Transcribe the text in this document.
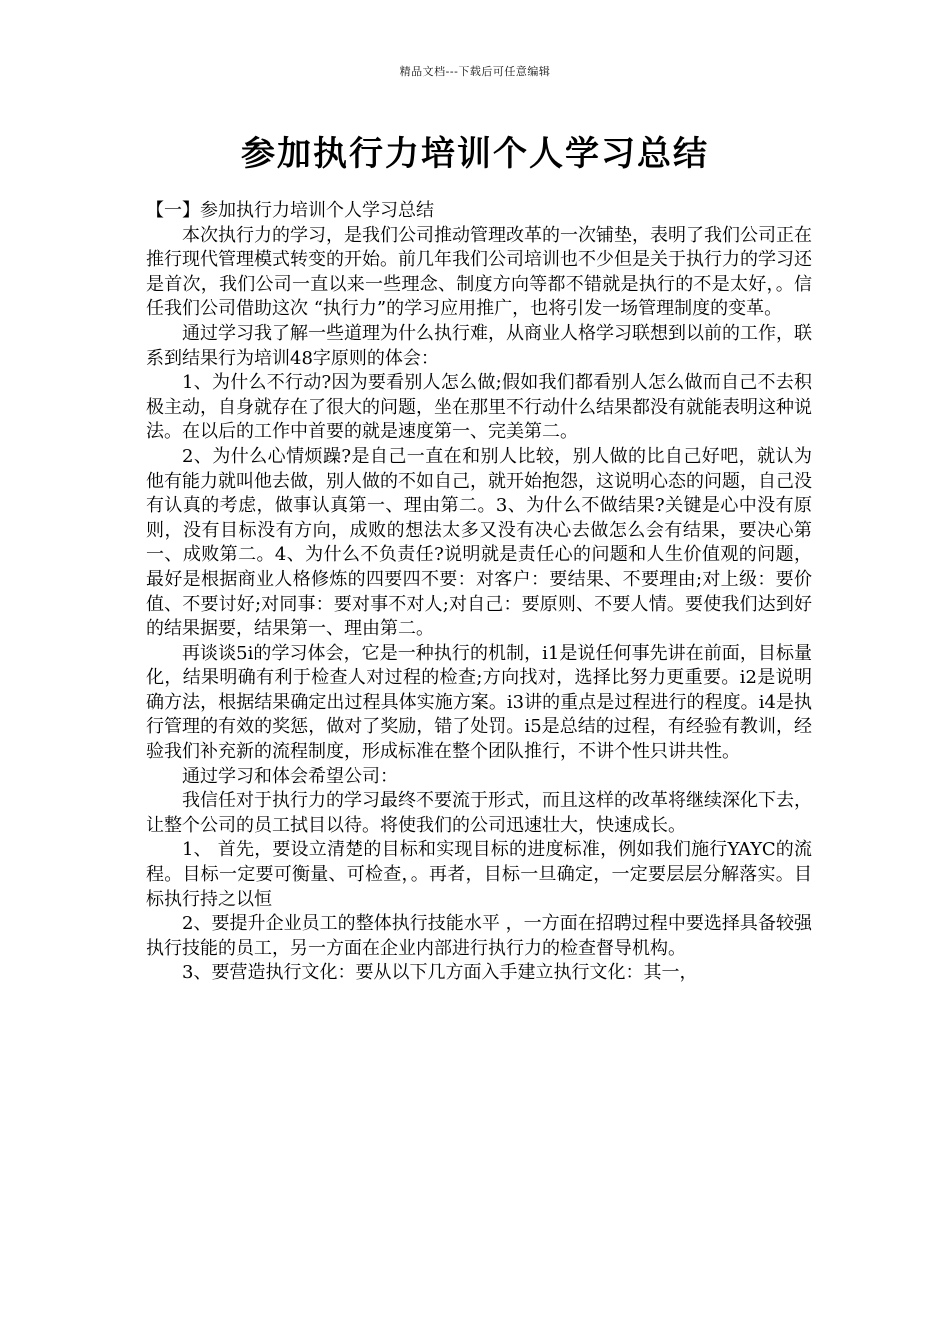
精品文档---下载后可任意编辑
参加执行力培训个人学习总结

【一】参加执行力培训个人学习总结

本次执行力的学习，是我们公司推动管理改革的一次铺垫，表明了我们公司正在推行现代管理模式转变的开始。前几年我们公司培训也不少但是关于执行力的学习还是首次，我们公司一直以来一些理念、制度方向等都不错就是执行的不是太好，。信任我们公司借助这次 “执行力”的学习应用推广，也将引发一场管理制度的变革。

通过学习我了解一些道理为什么执行难，从商业人格学习联想到以前的工作，联系到结果行为培训48字原则的体会：

1、为什么不行动?因为要看别人怎么做;假如我们都看别人怎么做而自己不去积极主动，自身就存在了很大的问题，坐在那里不行动什么结果都没有就能表明这种说法。在以后的工作中首要的就是速度第一、完美第二。

2、为什么心情烦躁?是自己一直在和别人比较，别人做的比自己好吧，就认为他有能力就叫他去做，别人做的不如自己，就开始抱怨，这说明心态的问题，自己没有认真的考虑，做事认真第一、理由第二。3、为什么不做结果?关键是心中没有原则，没有目标没有方向，成败的想法太多又没有决心去做怎么会有结果，要决心第一、成败第二。4、为什么不负责任?说明就是责任心的问题和人生价值观的问题，最好是根据商业人格修炼的四要四不要：对客户：要结果、不要理由;对上级：要价值、不要讨好;对同事：要对事不对人;对自己：要原则、不要人情。要使我们达到好的结果据要，结果第一、理由第二。

再谈谈5i的学习体会，它是一种执行的机制，i1是说任何事先讲在前面，目标量化，结果明确有利于检查人对过程的检查;方向找对，选择比努力更重要。i2是说明确方法，根据结果确定出过程具体实施方案。i3讲的重点是过程进行的程度。i4是执行管理的有效的奖惩，做对了奖励，错了处罚。i5是总结的过程，有经验有教训，经验我们补充新的流程制度，形成标准在整个团队推行，不讲个性只讲共性。

通过学习和体会希望公司：

我信任对于执行力的学习最终不要流于形式，而且这样的改革将继续深化下去，让整个公司的员工拭目以待。将使我们的公司迅速壮大，快速成长。

1、 首先，要设立清楚的目标和实现目标的进度标准，例如我们施行YAYC的流程。目标一定要可衡量、可检查，。再者，目标一旦确定，一定要层层分解落实。目标执行持之以恒

2、要提升企业员工的整体执行技能水平 ，一方面在招聘过程中要选择具备较强执行技能的员工，另一方面在企业内部进行执行力的检查督导机构。

3、要营造执行文化：要从以下几方面入手建立执行文化：其一，
